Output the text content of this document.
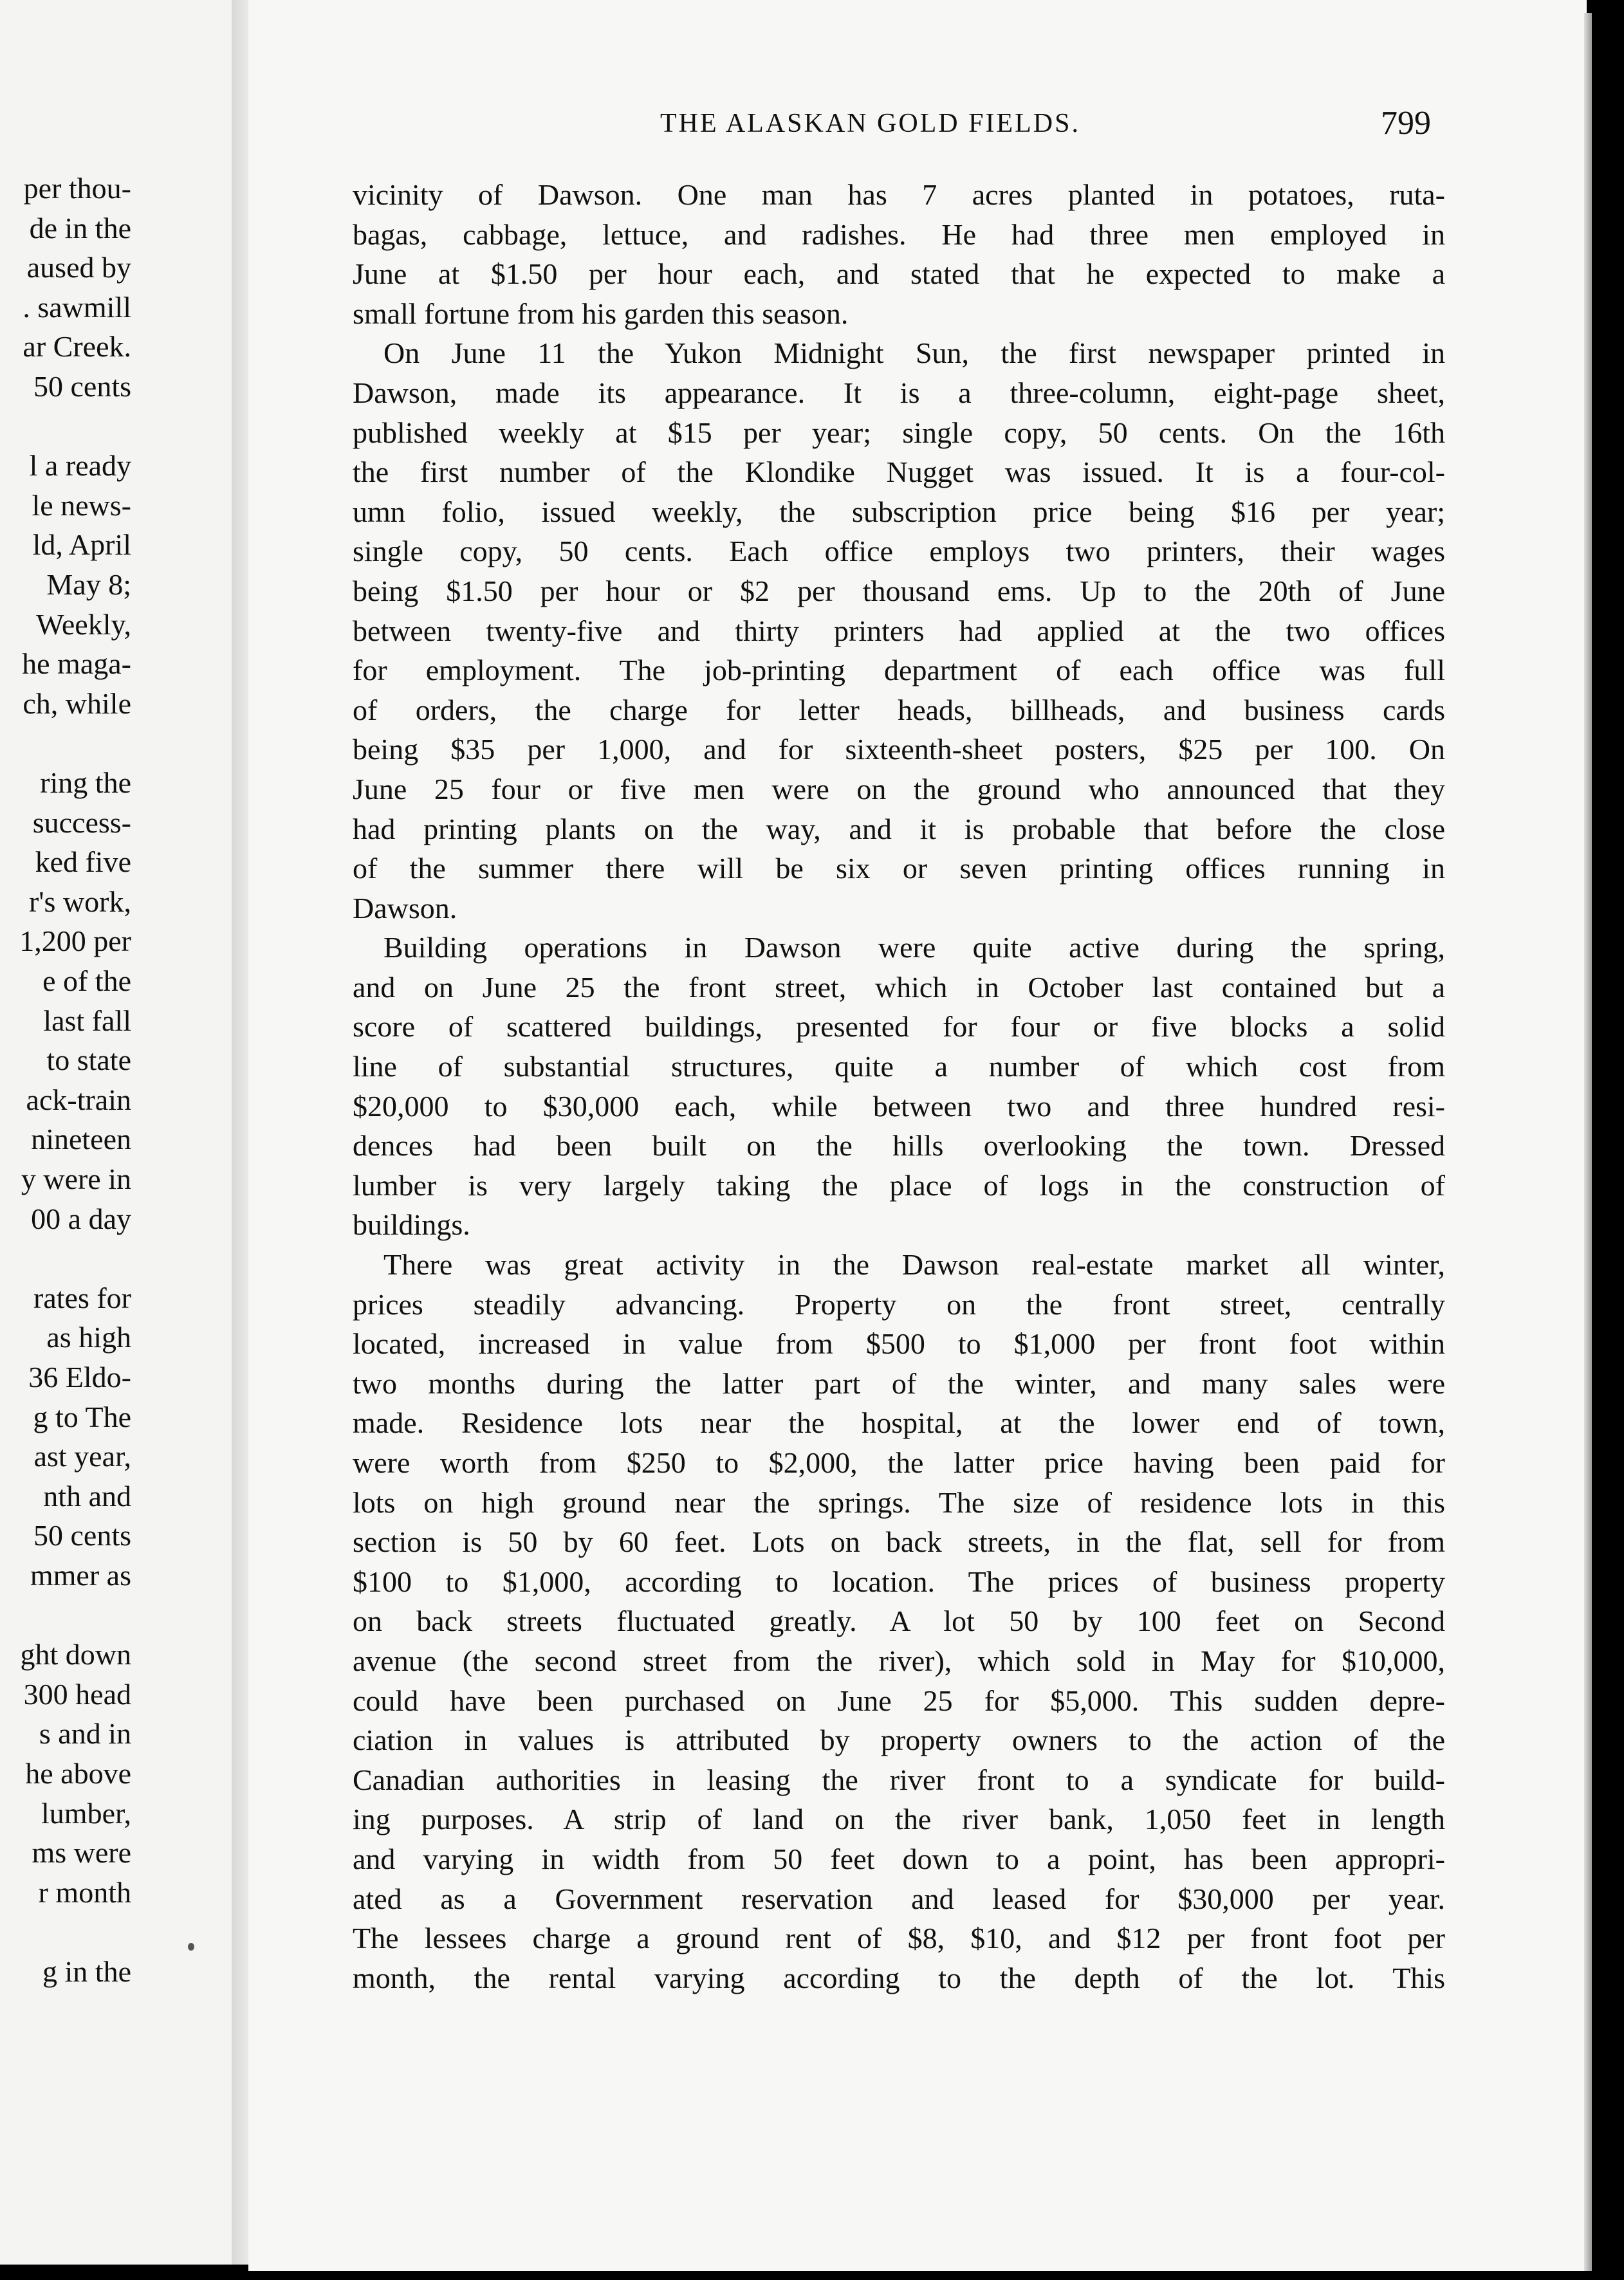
per thou-
de in the
aused by
. sawmill
ar Creek.
50 cents
l a ready
le news-
ld, April
May 8;
Weekly,
he maga-
ch, while
ring the
success-
ked five
r's work,
1,200 per
e of the
last fall
to state
ack-train
nineteen
y were in
00 a day
rates for
as high
36 Eldo-
g to The
ast year,
nth and
50 cents
mmer as
ght down
300 head
s and in
he above
lumber,
ms were
r month
g in the
THE ALASKAN GOLD FIELDS.	799

vicinity of Dawson. One man has 7 acres planted in potatoes, ruta-
bagas, cabbage, lettuce, and radishes. He had three men employed in
June at $1.50 per hour each, and stated that he expected to make a
small fortune from his garden this season.

On June 11 the Yukon Midnight Sun, the first newspaper printed in
Dawson, made its appearance. It is a three-column, eight-page sheet,
published weekly at $15 per year; single copy, 50 cents. On the 16th
the first number of the Klondike Nugget was issued. It is a four-col-
umn folio, issued weekly, the subscription price being $16 per year;
single copy, 50 cents. Each office employs two printers, their wages
being $1.50 per hour or $2 per thousand ems. Up to the 20th of June
between twenty-five and thirty printers had applied at the two offices
for employment. The job-printing department of each office was full
of orders, the charge for letter heads, billheads, and business cards
being $35 per 1,000, and for sixteenth-sheet posters, $25 per 100. On
June 25 four or five men were on the ground who announced that they
had printing plants on the way, and it is probable that before the close
of the summer there will be six or seven printing offices running in
Dawson.

Building operations in Dawson were quite active during the spring,
and on June 25 the front street, which in October last contained but a
score of scattered buildings, presented for four or five blocks a solid
line of substantial structures, quite a number of which cost from
$20,000 to $30,000 each, while between two and three hundred resi-
dences had been built on the hills overlooking the town. Dressed
lumber is very largely taking the place of logs in the construction of
buildings.

There was great activity in the Dawson real-estate market all winter,
prices steadily advancing. Property on the front street, centrally
located, increased in value from $500 to $1,000 per front foot within
two months during the latter part of the winter, and many sales were
made. Residence lots near the hospital, at the lower end of town,
were worth from $250 to $2,000, the latter price having been paid for
lots on high ground near the springs. The size of residence lots in this
section is 50 by 60 feet. Lots on back streets, in the flat, sell for from
$100 to $1,000, according to location. The prices of business property
on back streets fluctuated greatly. A lot 50 by 100 feet on Second
avenue (the second street from the river), which sold in May for $10,000,
could have been purchased on June 25 for $5,000. This sudden depre-
ciation in values is attributed by property owners to the action of the
Canadian authorities in leasing the river front to a syndicate for build-
ing purposes. A strip of land on the river bank, 1,050 feet in length
and varying in width from 50 feet down to a point, has been appropri-
ated as a Government reservation and leased for $30,000 per year.
The lessees charge a ground rent of $8, $10, and $12 per front foot per
month, the rental varying according to the depth of the lot. This
